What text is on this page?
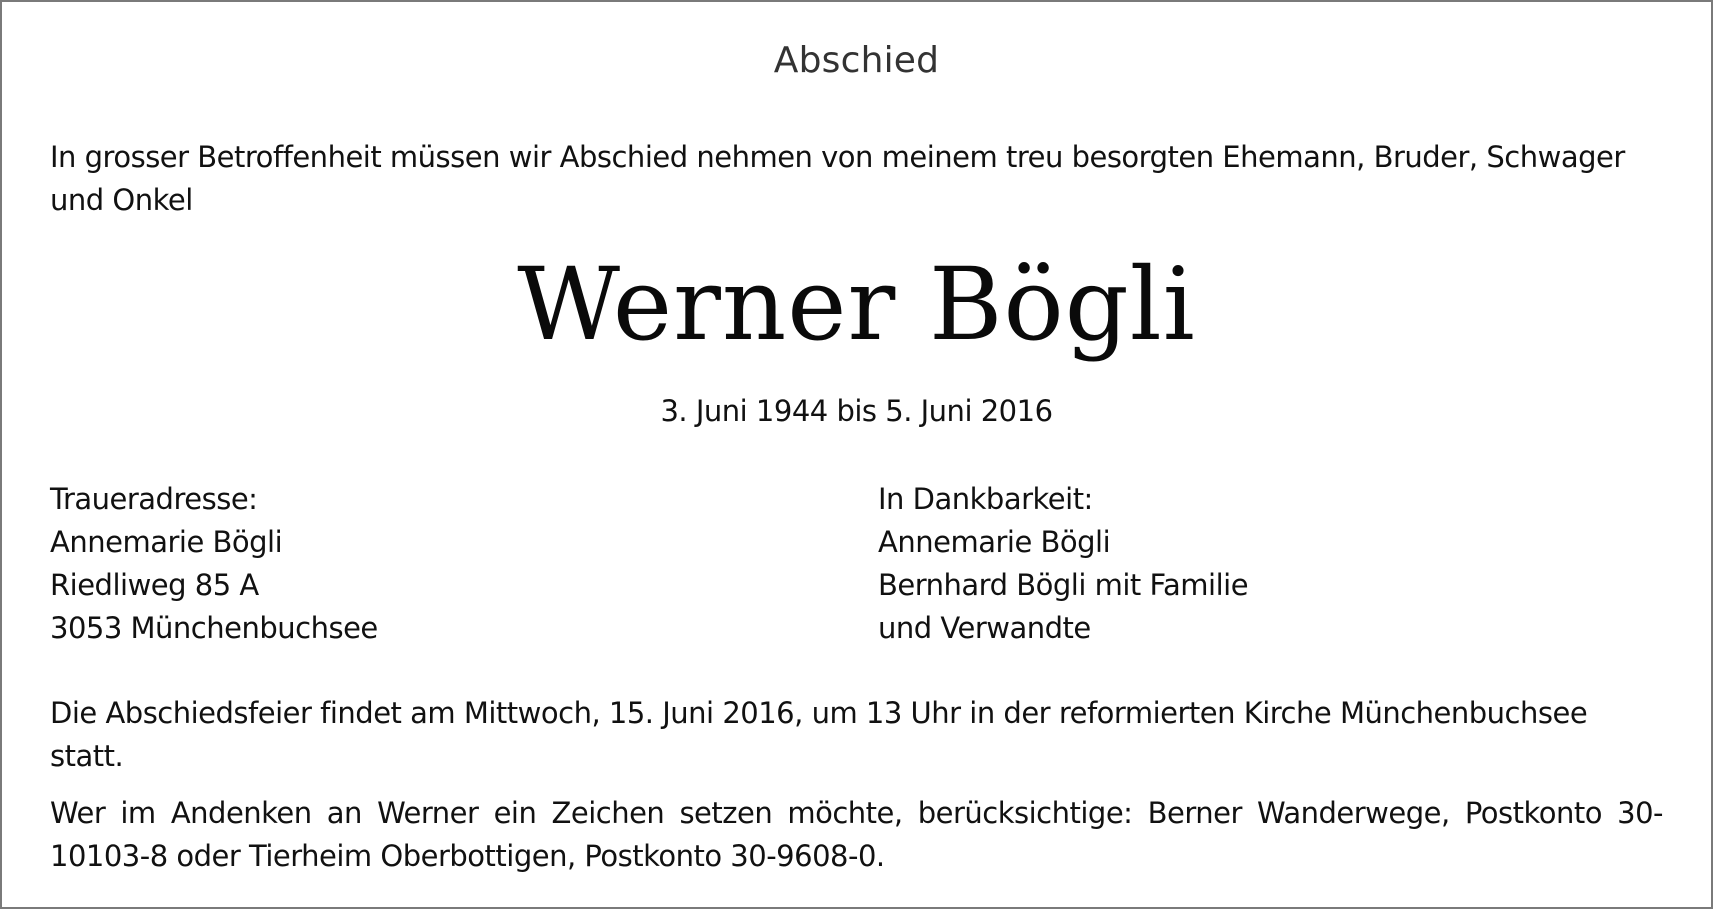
Abschied
In grosser Betroffenheit müssen wir Abschied nehmen von meinem treu besorgten Ehemann, Bruder, Schwager und Onkel
Werner Bögli
3. Juni 1944 bis 5. Juni 2016
Traueradresse:
Annemarie Bögli
Riedliweg 85 A
3053 Münchenbuchsee
In Dankbarkeit:
Annemarie Bögli
Bernhard Bögli mit Familie
und Verwandte
Die Abschiedsfeier findet am Mittwoch, 15. Juni 2016, um 13 Uhr in der reformierten Kirche Münchenbuchsee statt.
Wer im Andenken an Werner ein Zeichen setzen möchte, berücksichtige: Berner Wanderwege, Postkonto 30-10103-8 oder Tierheim Oberbottigen, Postkonto 30-9608-0.
